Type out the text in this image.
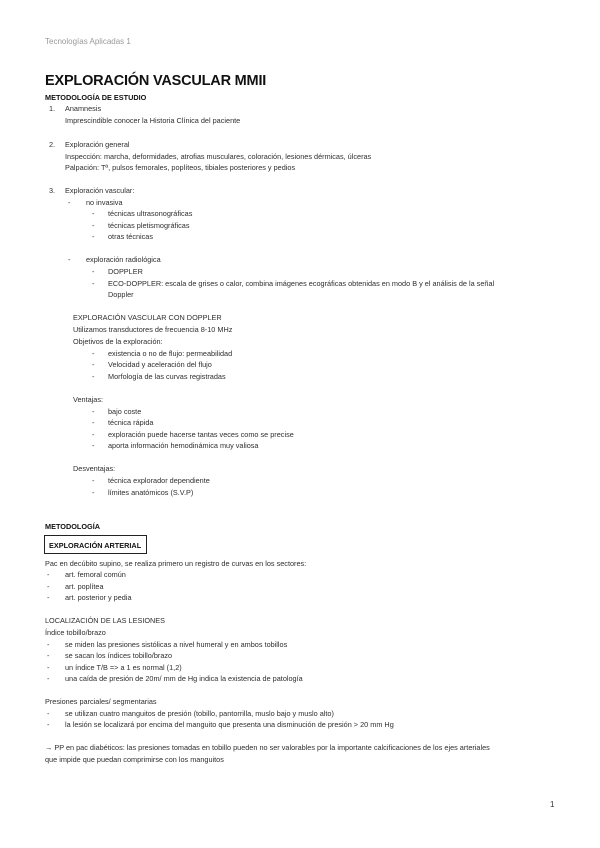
Tecnologías Aplicadas 1
EXPLORACIÓN VASCULAR MMII
METODOLOGÍA DE ESTUDIO
1. Anamnesis
Imprescindible conocer la Historia Clínica del paciente
2. Exploración general
Inspección: marcha, deformidades, atrofias musculares, coloración, lesiones dérmicas, úlceras
Palpación: Tª, pulsos femorales, poplíteos, tibiales posteriores y pedios
3. Exploración vascular:
- no invasiva
- técnicas ultrasonográficas
- técnicas pletismográficas
- otras técnicas
- exploración radiológica
- DOPPLER
- ECO-DOPPLER: escala de grises o calor, combina imágenes ecográficas obtenidas en modo B y el análisis de la señal
Doppler
EXPLORACIÓN VASCULAR CON DOPPLER
Utilizamos transductores de frecuencia 8-10 MHz
Objetivos de la exploración:
- existencia o no de flujo: permeabilidad
- Velocidad y aceleración del flujo
- Morfología de las curvas registradas
Ventajas:
- bajo coste
- técnica rápida
- exploración puede hacerse tantas veces como se precise
- aporta información hemodinámica muy valiosa
Desventajas:
- técnica explorador dependiente
- límites anatómicos (S.V.P)
METODOLOGÍA
EXPLORACIÓN ARTERIAL
Pac en decúbito supino, se realiza primero un registro de curvas en los sectores:
- art. femoral común
- art. poplítea
- art. posterior y pedia
LOCALIZACIÓN DE LAS LESIONES
Índice tobillo/brazo
- se miden las presiones sistólicas a nivel humeral y en ambos tobillos
- se sacan los índices tobillo/brazo
- un índice T/B => a 1 es normal (1,2)
- una caída de presión de 20m/ mm de Hg indica la existencia de patología
Presiones parciales/ segmentarias
- se utilizan cuatro manguitos de presión (tobillo, pantorrilla, muslo bajo y muslo alto)
- la lesión se localizará por encima del manguito que presenta una disminución de presión > 20 mm Hg
→ PP en pac diabéticos: las presiones tomadas en tobillo pueden no ser valorables por la importante calcificaciones de los ejes arteriales
que impide que puedan comprimirse con los manguitos
1
